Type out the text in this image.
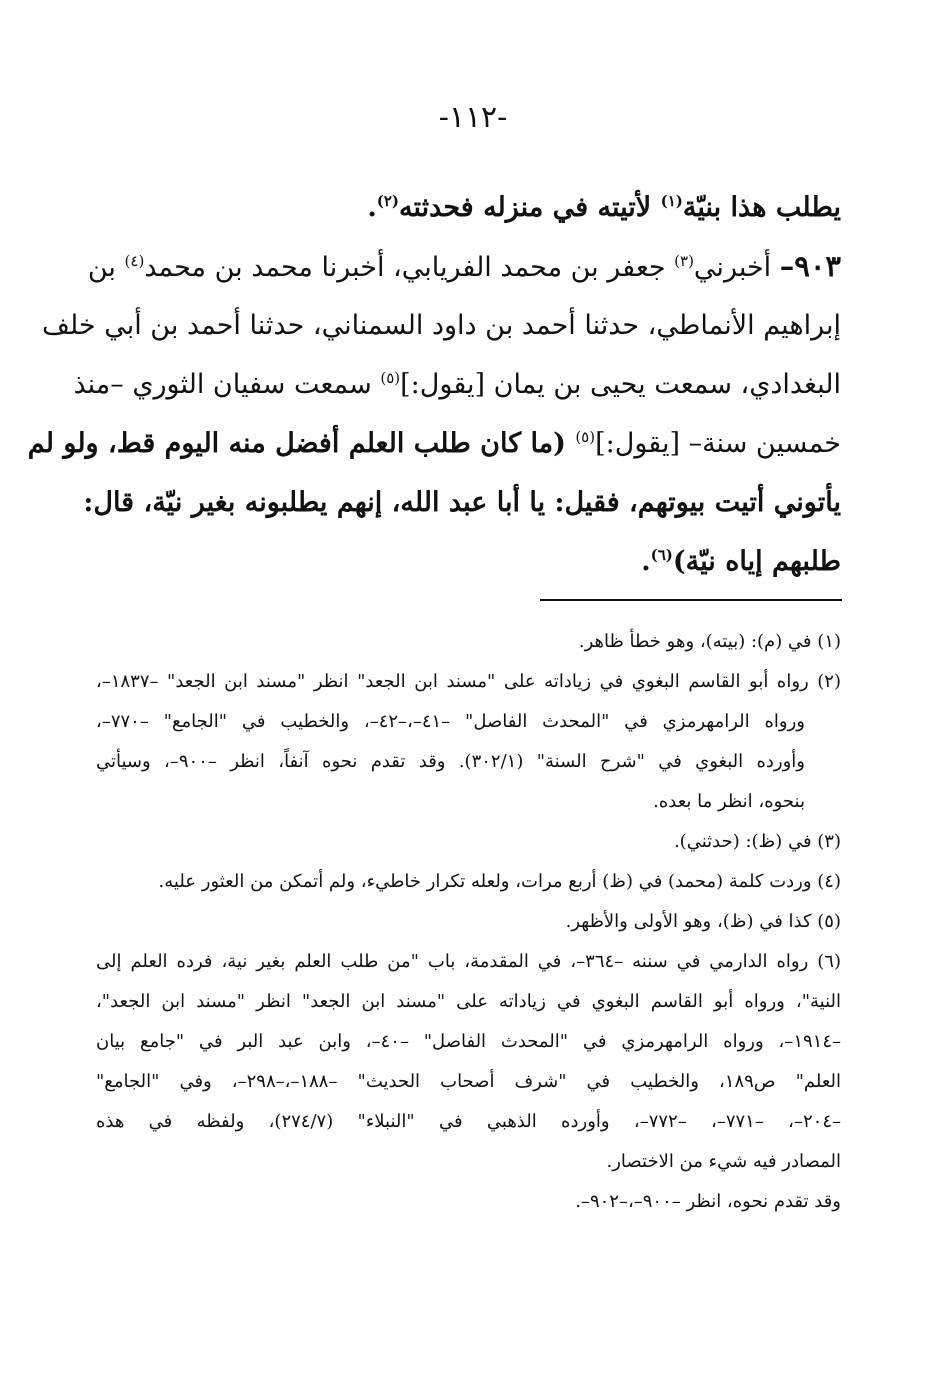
-١١٢-
يطلب هذا بنيّة$^{(١)}$ لأتيته في منزله فحدثته$^{(٢)}$.
٩٠٣– أخبرني$^{(٣)}$ جعفر بن محمد الفريابي، أخبرنا محمد بن محمد$^{(٤)}$ بن
إبراهيم الأنماطي، حدثنا أحمد بن داود السمناني، حدثنا أحمد بن أبي خلف
البغدادي، سمعت يحيى بن يمان [يقول:]$^{(٥)}$ سمعت سفيان الثوري –منذ
خمسين سنة– [يقول:]$^{(٥)}$ (ما كان طلب العلم أفضل منه اليوم قط، ولو لم
يأتوني أتيت بيوتهم، فقيل: يا أبا عبد الله، إنهم يطلبونه بغير نيّة، قال:
طلبهم إياه نيّة)$^{(٦)}$.
(١) في (م): (بيته)، وهو خطأ ظاهر.
(٢) رواه أبو القاسم البغوي في زياداته على "مسند ابن الجعد" انظر "مسند ابن الجعد" –١٨٣٧–،
ورواه الرامهرمزي في "المحدث الفاصل" –٤١–،–٤٢–، والخطيب في "الجامع" –٧٧٠–،
وأورده البغوي في "شرح السنة" (٣٠٢/١). وقد تقدم نحوه آنفاً، انظر –٩٠٠–، وسيأتي
بنحوه، انظر ما بعده.
(٣) في (ظ): (حدثني).
(٤) وردت كلمة (محمد) في (ظ) أربع مرات، ولعله تكرار خاطيء، ولم أتمكن من العثور عليه.
(٥) كذا في (ظ)، وهو الأولى والأظهر.
(٦) رواه الدارمي في سننه –٣٦٤–، في المقدمة، باب "من طلب العلم بغير نية، فرده العلم إلى
النية"، ورواه أبو القاسم البغوي في زياداته على "مسند ابن الجعد" انظر "مسند ابن الجعد"،
–١٩١٤–، ورواه الرامهرمزي في "المحدث الفاصل" –٤٠–، وابن عبد البر في "جامع بيان
العلم" ص١٨٩، والخطيب في "شرف أصحاب الحديث" –١٨٨–،–٢٩٨–، وفي "الجامع"
–٢٠٤–، –٧٧١–، –٧٧٢–، وأورده الذهبي في "النبلاء" (٢٧٤/٧)، ولفظه في هذه
المصادر فيه شيء من الاختصار.
وقد تقدم نحوه، انظر –٩٠٠–،–٩٠٢–.
